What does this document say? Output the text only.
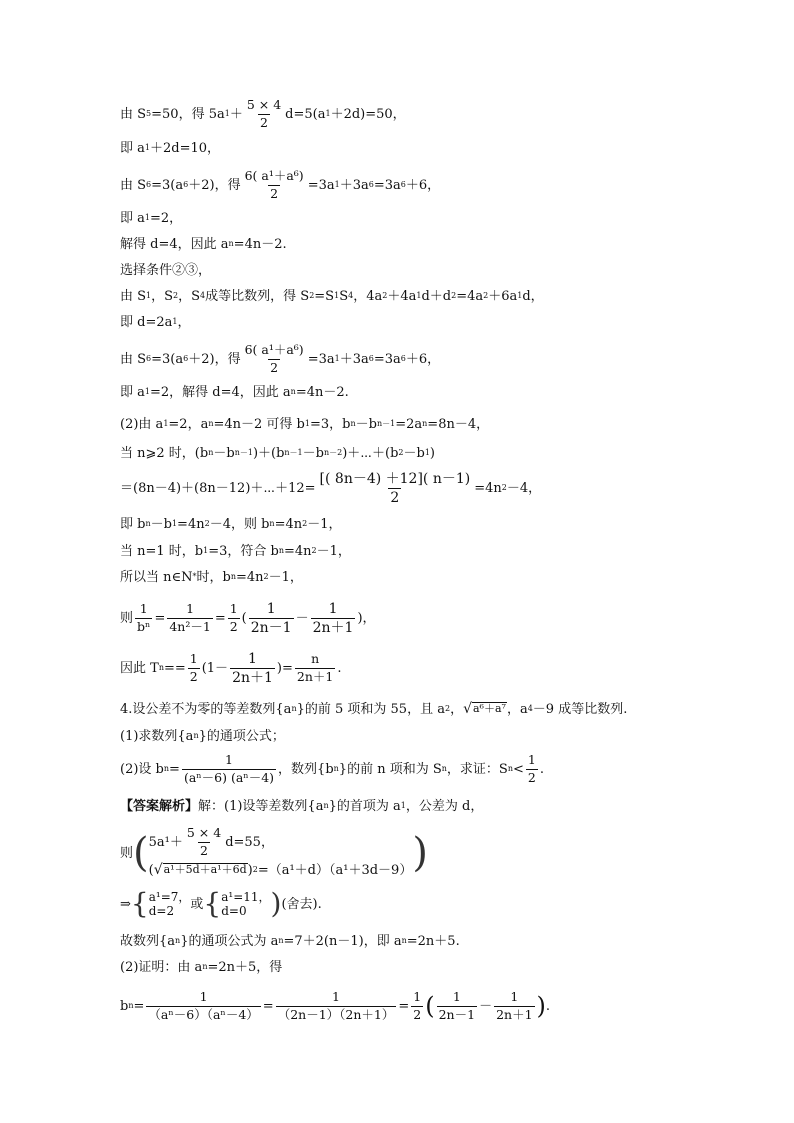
由 S 5 =50，得 5a $1 + \frac{5 \times 4}{2} d=5(a$ 1 ＋2d)=50，
即 a 1 ＋2d=10，
由 S 6 =3(a 6 ＋2)，得 $\frac{\text{6( a¹＋a⁶)}}{2} =3a$ 1 ＋3a 6 =3a 6 ＋6，
即 a 1 =2，
解得 d=4，因此 a n =4n－2.
选择条件②③，
由 S 1 ，S 2 ，S 4 成等比数列，得 S 2 =S 1 S 4 ，4a 2 ＋4a 1 d＋d 2 =4a 2 ＋6a 1 d，
即 d=2a 1 ，
由 S 6 =3(a 6 ＋2)，得 $\frac{\text{6( a¹＋a⁶)}}{2} =3a$ 1 ＋3a 6 =3a 6 ＋6，
即 a 1 =2，解得 d=4，因此 a n =4n－2.
(2)由 a 1 =2，a n =4n－2 可得 b 1 =3，b n －b n－1 =2a n =8n－4，
当 n⩾2 时，(b n －b n－1 )＋(b n－1 －b n－2 )＋⋯＋(b 2 －b 1 )
＝(8n－4)＋(8n－12)＋⋯＋12= $\frac{[( 8n-4) +12]( n-1)}{2} =4n$ 2 －4，
即 b n －b 1 =4n 2 －4，则 b n =4n 2 －1，
当 n=1 时，b 1 =3，符合 b n =4n 2 －1，
所以当 n∈N * 时，b n =4n 2 －1，
则 $\frac{1}{\text{bⁿ}} = \frac{1}{\text{4n²－1}} = \frac{1}{2}$ ( $\frac{1}{2n-1} - \frac{1}{2n+1}$ )，
因此 T $n == \frac{1}{2} (1- \frac{1}{2n+1}$ )= $\frac{n}{2n+1}$ .
4.设公差不为零的等差数列{a n }的前 5 项和为 55，且 a 2 ， √ a⁶＋a⁷ ，a 4 －9 成等比数列.
(1)求数列{a n }的通项公式；
(2)设 b $n = \frac{1}{\text{(aⁿ－6) (aⁿ－4)}}$ ，数列{b n }的前 n 项和为 S n ，求证：S $n < \frac{1}{2}$ .
【答案解析】 解：(1)设等差数列{a n }的首项为 a 1 ，公差为 d，
则 ( $5a^1+ \frac{5 \times 4}{2} d=55$，
( √ a¹＋5d＋a¹＋6d ) 2 =（a¹＋d）（a¹＋3d－9） )
⇒ { a¹=7，
d=2	或 { a¹=11，
d=0 ) (舍去).
故数列{a n }的通项公式为 a n =7＋2(n－1)，即 a n =2n＋5.
(2)证明：由 a n =2n＋5，得
b $n = \frac{1}{\text{（aⁿ－6）（aⁿ－4）}} = \frac{1}{(2n-1)(2n+1)} = \frac{1}{2}$ ( $\frac{1}{2n-1} - \frac{1}{2n+1}$ ) .
